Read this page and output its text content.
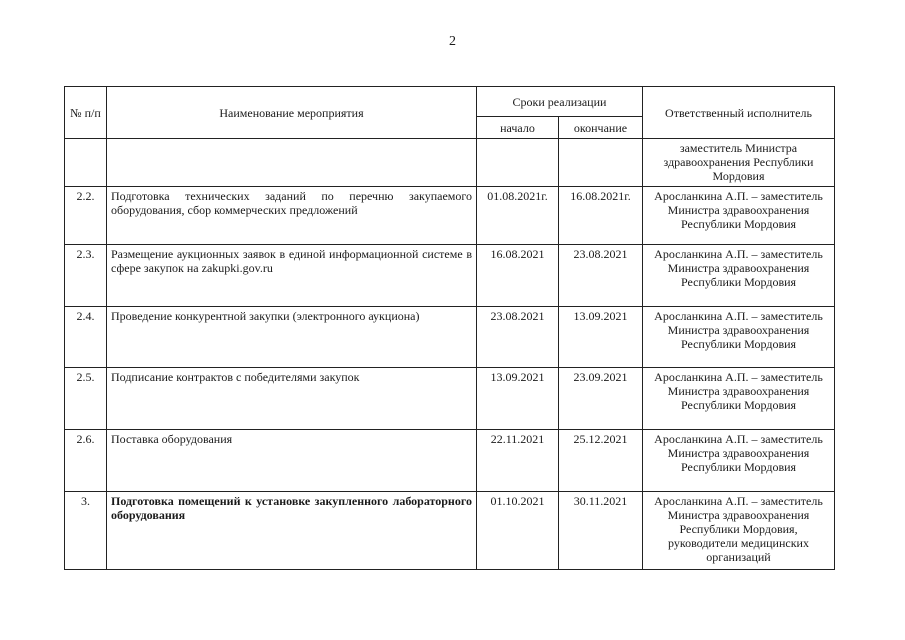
2
№ п/п	Наименование мероприятия	Сроки реализации		Ответственный исполнитель
		начало	окончание	
				заместитель Министра здравоохранения Республики Мордовия
2.2.	Подготовка технических заданий по перечню закупаемого оборудования, сбор коммерческих предложений	01.08.2021г.	16.08.2021г.	Аросланкина А.П. – заместитель Министра здравоохранения Республики Мордовия
2.3.	Размещение аукционных заявок в единой информационной системе в сфере закупок на zakupki.gov.ru	16.08.2021	23.08.2021	Аросланкина А.П. – заместитель Министра здравоохранения Республики Мордовия
2.4.	Проведение конкурентной закупки (электронного аукциона)	23.08.2021	13.09.2021	Аросланкина А.П. – заместитель Министра здравоохранения Республики Мордовия
2.5.	Подписание контрактов с победителями закупок	13.09.2021	23.09.2021	Аросланкина А.П. – заместитель Министра здравоохранения Республики Мордовия
2.6.	Поставка оборудования	22.11.2021	25.12.2021	Аросланкина А.П. – заместитель Министра здравоохранения Республики Мордовия
3.	Подготовка помещений к установке закупленного лабораторного оборудования	01.10.2021	30.11.2021	Аросланкина А.П. – заместитель Министра здравоохранения Республики Мордовия, руководители медицинских организаций
